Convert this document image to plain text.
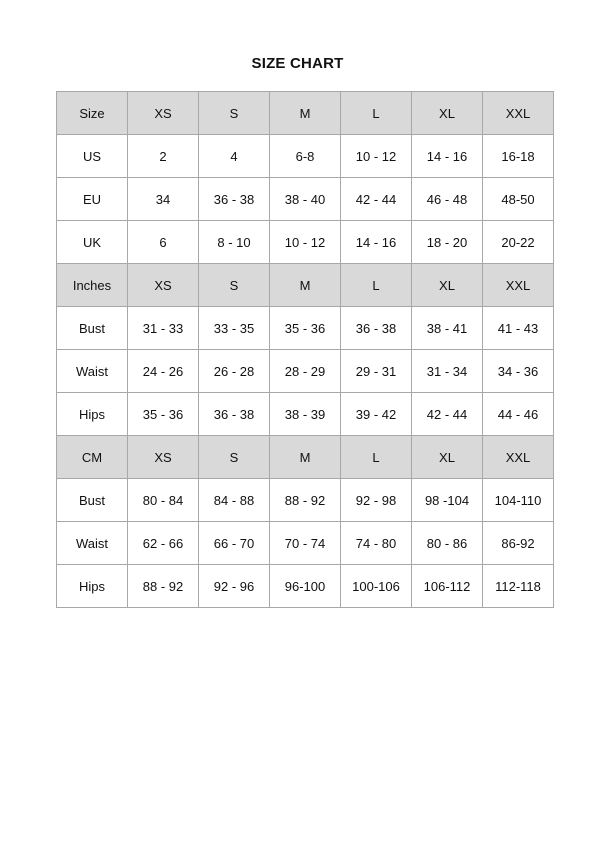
SIZE CHART
Size	XS	S	M	L	XL	XXL
US	2	4	6-8	10 - 12	14 - 16	16-18
EU	34	36 - 38	38 - 40	42 - 44	46 - 48	48-50
UK	6	8 - 10	10 - 12	14 - 16	18 - 20	20-22
Inches	XS	S	M	L	XL	XXL
Bust	31 - 33	33 - 35	35 - 36	36 - 38	38 - 41	41 - 43
Waist	24 - 26	26 - 28	28 - 29	29 - 31	31 - 34	34 - 36
Hips	35 - 36	36 - 38	38 - 39	39 - 42	42 - 44	44 - 46
CM	XS	S	M	L	XL	XXL
Bust	80 - 84	84 - 88	88 - 92	92 - 98	98 -104	104-110
Waist	62 - 66	66 - 70	70 - 74	74 - 80	80 - 86	86-92
Hips	88 - 92	92 - 96	96-100	100-106	106-112	112-118
